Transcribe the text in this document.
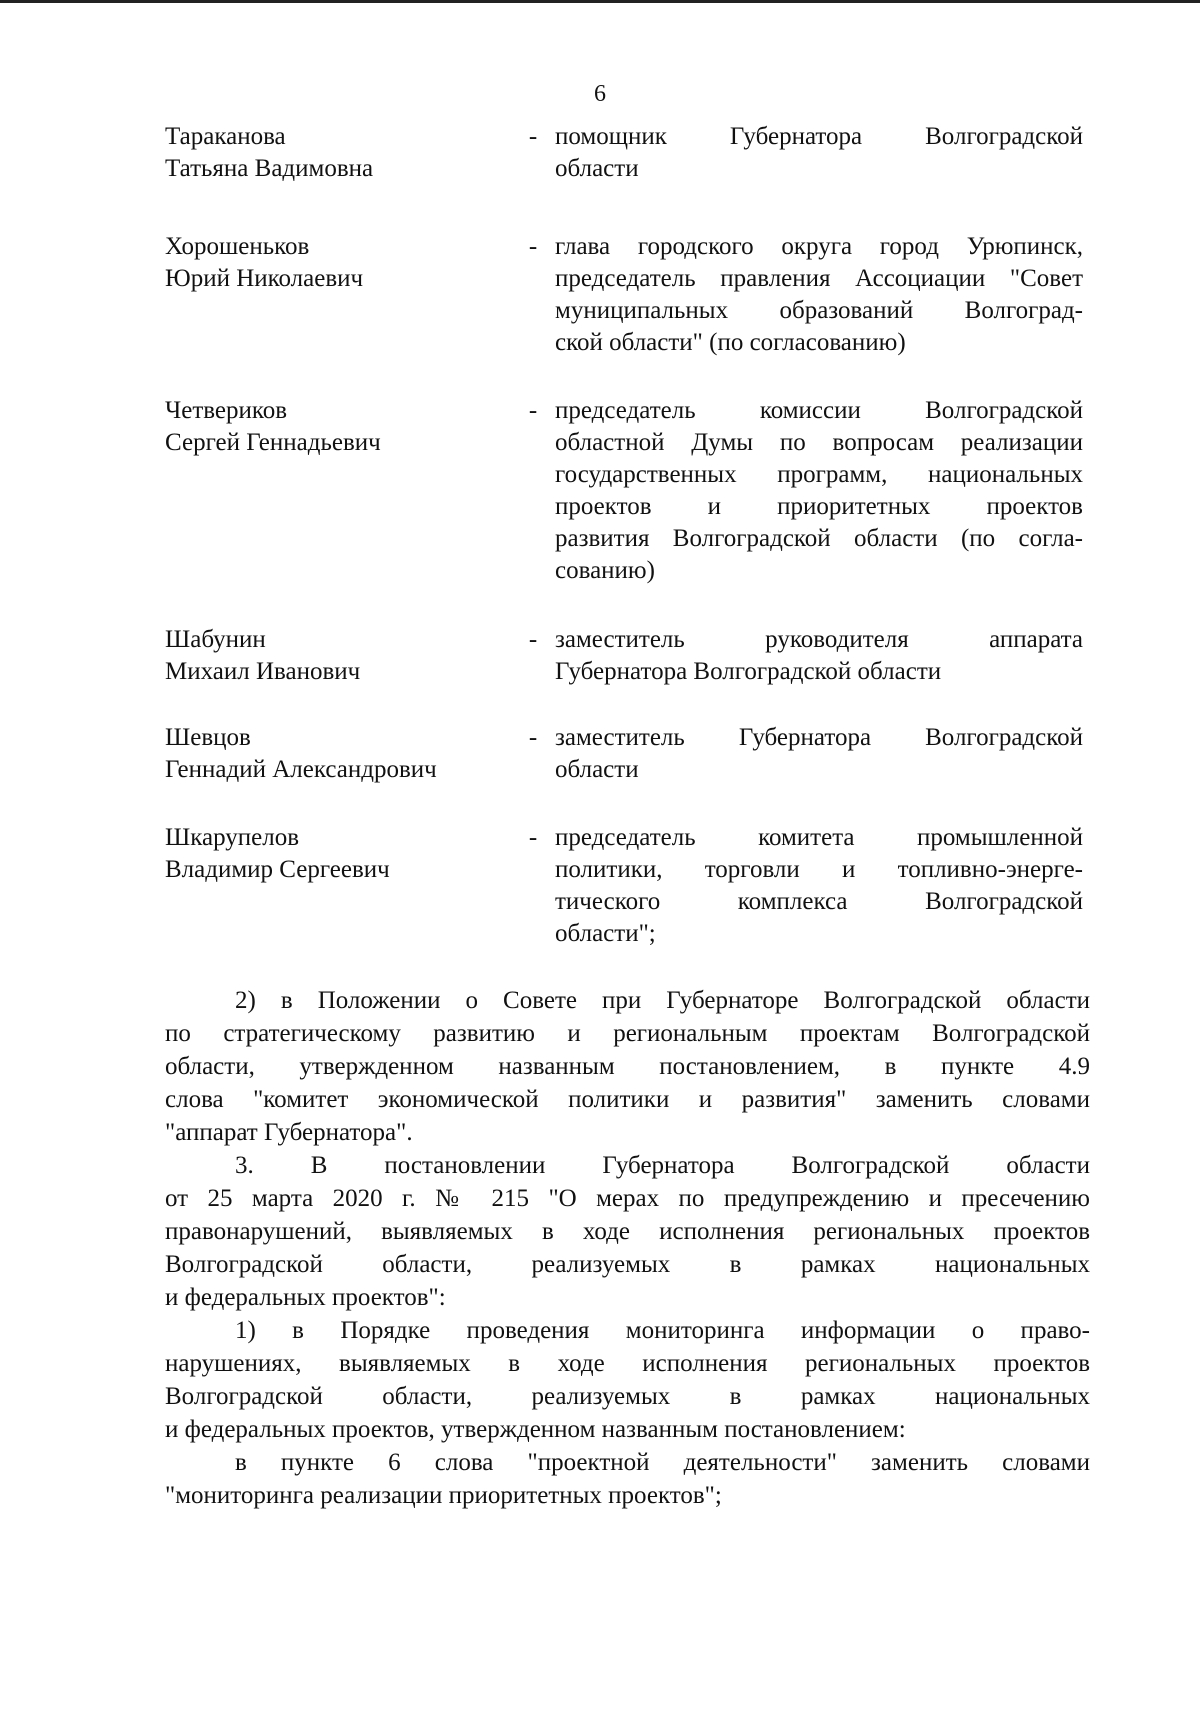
6
Тараканова
Татьяна Вадимовна
- помощник Губернатора Волгоградской
области
Хорошеньков
Юрий Николаевич
- глава городского округа город Урюпинск,
председатель правления Ассоциации "Совет
муниципальных образований Волгоград-
ской области" (по согласованию)
Четвериков
Сергей Геннадьевич
- председатель комиссии Волгоградской
областной Думы по вопросам реализации
государственных программ, национальных
проектов и приоритетных проектов
развития Волгоградской области (по согла-
сованию)
Шабунин
Михаил Иванович
- заместитель руководителя аппарата
Губернатора Волгоградской области
Шевцов
Геннадий Александрович
- заместитель Губернатора Волгоградской
области
Шкарупелов
Владимир Сергеевич
- председатель комитета промышленной
политики, торговли и топливно-энерге-
тического комплекса Волгоградской
области";
2) в Положении о Совете при Губернаторе Волгоградской области
по стратегическому развитию и региональным проектам Волгоградской
области, утвержденном названным постановлением, в пункте 4.9
слова "комитет экономической политики и развития" заменить словами
"аппарат Губернатора".
3. В постановлении Губернатора Волгоградской области
от 25 марта 2020 г. № 215 "О мерах по предупреждению и пресечению
правонарушений, выявляемых в ходе исполнения региональных проектов
Волгоградской области, реализуемых в рамках национальных
и федеральных проектов":
1) в Порядке проведения мониторинга информации о право-
нарушениях, выявляемых в ходе исполнения региональных проектов
Волгоградской области, реализуемых в рамках национальных
и федеральных проектов, утвержденном названным постановлением:
в пункте 6 слова "проектной деятельности" заменить словами
"мониторинга реализации приоритетных проектов";
